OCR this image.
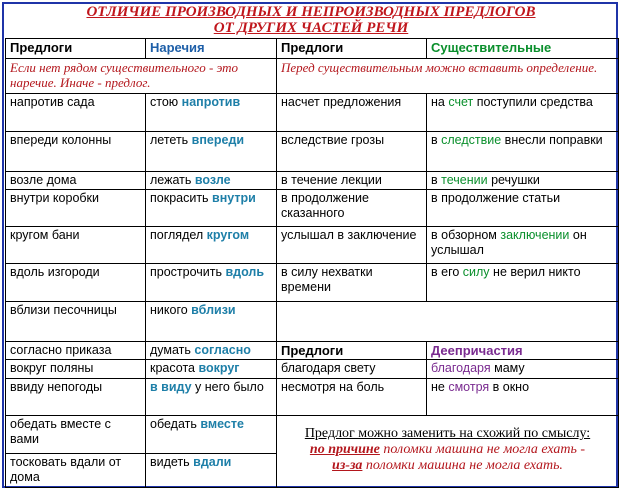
ОТЛИЧИЕ ПРОИЗВОДНЫХ И НЕПРОИЗВОДНЫХ ПРЕДЛОГОВ
ОТ ДРУГИХ ЧАСТЕЙ РЕЧИ
Предлоги	Наречия	Предлоги	Существительные
Если нет рядом существительного - это наречие. Иначе - предлог.		Перед существительным можно вставить определение.	
напротив сада	стою напротив	насчет предложения	на счет поступили средства
впереди колонны	лететь впереди	вследствие грозы	в следствие внесли поправки
возле дома	лежать возле	в течение лекции	в течении речушки
внутри коробки	покрасить внутри	в продолжение сказанного	в продолжение статьи
кругом бани	поглядел кругом	услышал в заключение	в обзорном заключении он услышал
вдоль изгороди	прострочить вдоль	в силу нехватки времени	в его силу не верил никто
вблизи песочницы	никого вблизи		
согласно приказа	думать согласно	Предлоги	Деепричастия
вокруг поляны	красота вокруг	благодаря свету	благодаря маму
ввиду непогоды	в виду у него было	несмотря на боль	не смотря в окно
обедать вместе с вами	обедать вместе	Предлог можно заменить на схожий по смыслу:
по причине поломки машина не могла ехать -
из-за поломки машина не могла ехать.	

тосковать вдали от дома	видеть вдали		
